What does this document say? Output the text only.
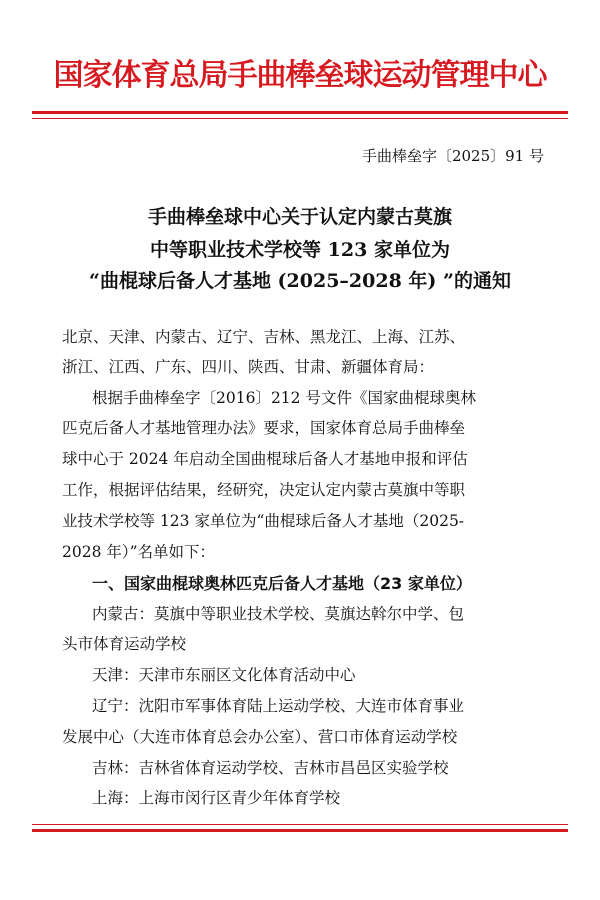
国家体育总局手曲棒垒球运动管理中心
手曲棒垒字〔2025〕91 号
手曲棒垒球中心关于认定内蒙古莫旗
中等职业技术学校等 123 家单位为
“曲棍球后备人才基地 (2025–2028 年) ”的通知
北京、天津、内蒙古、辽宁、吉林、黑龙江、上海、江苏、
浙江、江西、广东、四川、陕西、甘肃、新疆体育局：
根据手曲棒垒字〔2016〕212 号文件《国家曲棍球奥林
匹克后备人才基地管理办法》要求，国家体育总局手曲棒垒
球中心于 2024 年启动全国曲棍球后备人才基地申报和评估
工作，根据评估结果，经研究，决定认定内蒙古莫旗中等职
业技术学校等 123 家单位为“曲棍球后备人才基地（2025-
2028 年）”名单如下：
一、国家曲棍球奥林匹克后备人才基地（23 家单位）
内蒙古：莫旗中等职业技术学校、莫旗达斡尔中学、包
头市体育运动学校
天津：天津市东丽区文化体育活动中心
辽宁：沈阳市军事体育陆上运动学校、大连市体育事业
发展中心（大连市体育总会办公室）、营口市体育运动学校
吉林：吉林省体育运动学校、吉林市昌邑区实验学校
上海：上海市闵行区青少年体育学校
